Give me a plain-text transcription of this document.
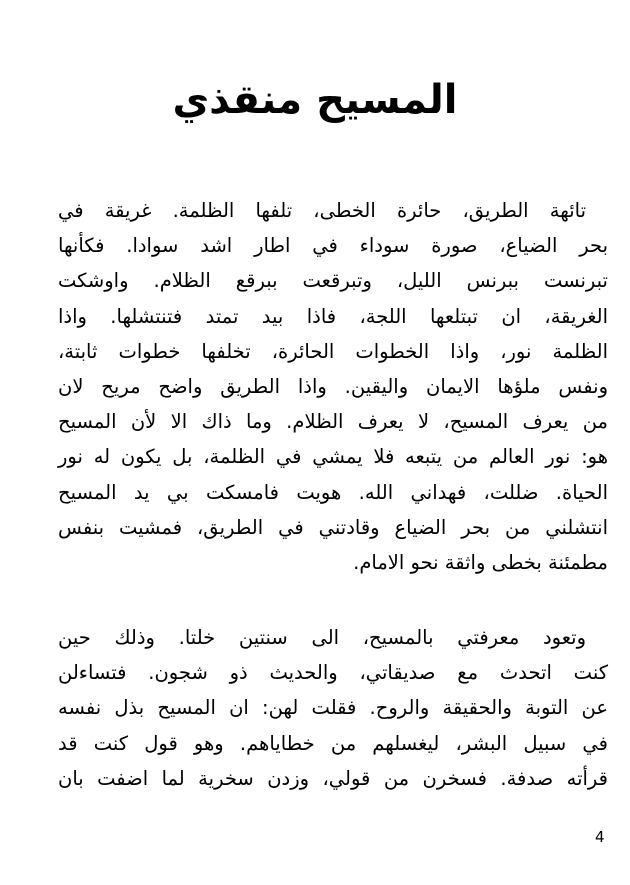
المسيح منقذي
تائهة الطريق، حائرة الخطى، تلفها الظلمة. غريقة في
بحر الضياع، صورة سوداء في اطار اشد سوادا. فكأنها
تبرنست ببرنس الليل، وتبرقعت ببرقع الظلام. واوشكت
الغريقة، ان تبتلعها اللجة، فاذا بيد تمتد فتنتشلها. واذا
الظلمة نور، واذا الخطوات الحائرة، تخلفها خطوات ثابتة،
ونفس ملؤها الايمان واليقين. واذا الطريق واضح مريح لان
من يعرف المسيح، لا يعرف الظلام. وما ذاك الا لأن المسيح
هو: نور العالم من يتبعه فلا يمشي في الظلمة، بل يكون له نور
الحياة. ضللت، فهداني الله. هويت فامسكت بي يد المسيح
انتشلني من بحر الضياع وقادتني في الطريق، فمشيت بنفس
مطمئنة بخطى واثقة نحو الامام.
وتعود معرفتي بالمسيح، الى سنتين خلتا. وذلك حين
كنت اتحدث مع صديقاتي، والحديث ذو شجون. فتساءلن
عن التوبة والحقيقة والروح. فقلت لهن: ان المسيح بذل نفسه
في سبيل البشر، ليغسلهم من خطاياهم. وهو قول كنت قد
قرأته صدفة. فسخرن من قولي، وزدن سخرية لما اضفت بان
4
